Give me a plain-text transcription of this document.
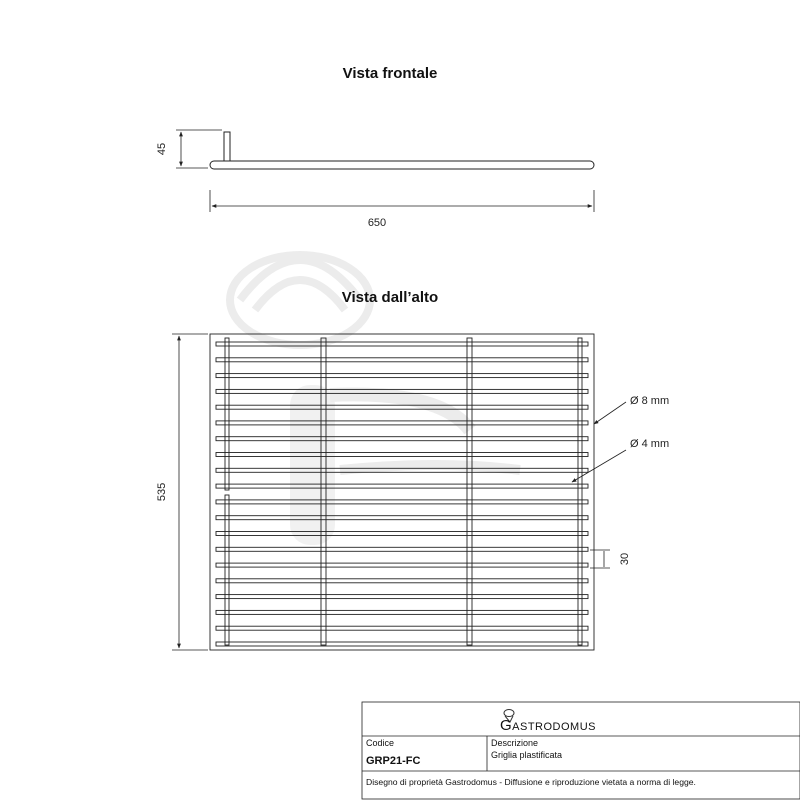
Vista frontale
45
650
Vista dall’alto
535
Ø 8 mm
Ø 4 mm
30
Gastrodomus
Codice
GRP21-FC
Descrizione
Griglia plastificata
Disegno di proprietà Gastrodomus - Diffusione e riproduzione vietata a norma di legge.
